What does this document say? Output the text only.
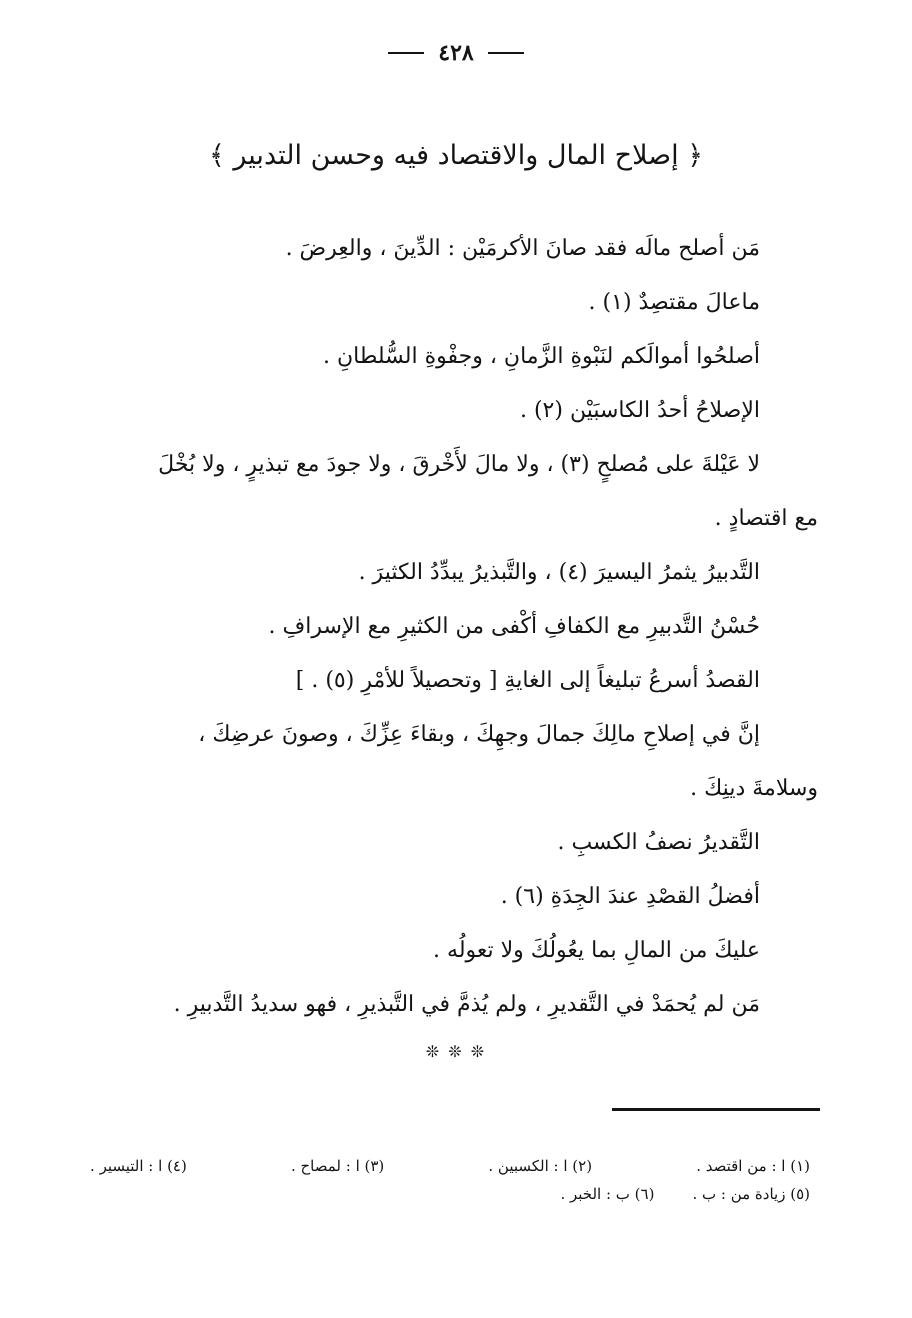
٤٢٨
﴿ إصلاح المال والاقتصاد فيه وحسن التدبير ﴾
مَن أصلح مالَه فقد صانَ الأكرمَيْن : الدِّينَ ، والعِرضَ .
ماعالَ مقتصِدٌ (١) .
أصلحُوا أموالَكم لنَبْوةِ الزَّمانِ ، وجفْوةِ السُّلطانِ .
الإصلاحُ أحدُ الكاسبَيْن (٢) .
لا عَيْلةَ على مُصلحٍ (٣) ، ولا مالَ لأَخْرقَ ، ولا جودَ مع تبذيرٍ ، ولا بُخْلَ
مع اقتصادٍ .
التَّدبيرُ يثمرُ اليسيرَ (٤) ، والتَّبذيرُ يبدِّدُ الكثيرَ .
حُسْنُ التَّدبيرِ مع الكفافِ أكْفى من الكثيرِ مع الإسرافِ .
القصدُ أسرعُ تبليغاً إلى الغايةِ [ وتحصيلاً للأمْرِ (٥) . ]
إنَّ في إصلاحِ مالِكَ جمالَ وجهِكَ ، وبقاءَ عِزِّكَ ، وصونَ عرضِكَ ،
وسلامةَ دينِكَ .
التَّقديرُ نصفُ الكسبِ .
أفضلُ القصْدِ عندَ الجِدَةِ (٦) .
عليكَ من المالِ بما يعُولُكَ ولا تعولُه .
مَن لم يُحمَدْ في التَّقديرِ ، ولم يُذمَّ في التَّبذيرِ ، فهو سديدُ التَّدبيرِ .
❊ ❊ ❊
(١) ا : من اقتصد .
(٢) ا : الكسبين .
(٣) ا : لمصاح .
(٤) ا : التيسير .
(٥) زيادة من : ب .
(٦) ب : الخبر .
